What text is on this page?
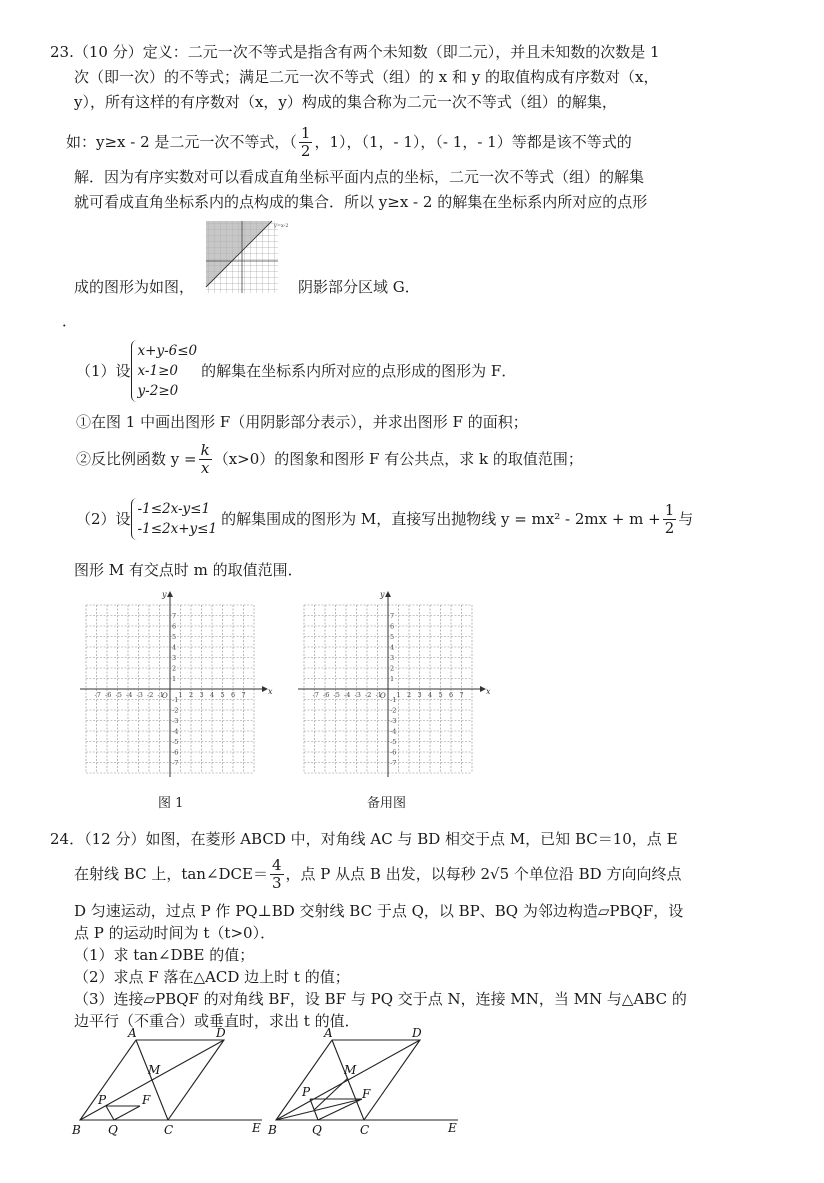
23.（10 分）定义：二元一次不等式是指含有两个未知数（即二元），并且未知数的次数是 1
次（即一次）的不等式；满足二元一次不等式（组）的 x 和 y 的取值构成有序数对（x，
y），所有这样的有序数对（x，y）构成的集合称为二元一次不等式（组）的解集，
如：y≥x - 2 是二元一次不等式，（ $\frac{1}{2}$ ，1），（1，- 1），（- 1，- 1）等都是该不等式的
解．因为有序实数对可以看成直角坐标平面内点的坐标，二元一次不等式（组）的解集
就可看成直角坐标系内的点构成的集合．所以 y≥x - 2 的解集在坐标系内所对应的点形
y=x-2
成的图形为如图，	阴影部分区域 G．
．
（1）设
x+y-6≤0
x-1≥0
y-2≥0
的解集在坐标系内所对应的点形成的图形为 F．
①在图 1 中画出图形 F（用阴影部分表示），并求出图形 F 的面积；
②反比例函数 $y = \frac{k}{x} (x>0)$的图象和图形 F 有公共点，求 k 的取值范围；
（2）设
-1≤2x-y≤1
-1≤2x+y≤1
的解集围成的图形为 M，直接写出抛物线 $y = mx^2 - 2mx + m + \frac{1}{2}$ 与
图形 M 有交点时 m 的取值范围．
-7
-7
-6
-6
-5
-5
-4
-4
-3
-3
-2
-2
-1
-1
1
1
2
2
3
3
4
4
5
5
6
6
7
7
x
y
O	-7
-7
-6
-6
-5
-5
-4
-4
-3
-3
-2
-2
-1
-1
1
1
2
2
3
3
4
4
5
5
6
6
7
7
x
y
O
图 1	备用图
24．（12 分）如图，在菱形 ABCD 中，对角线 AC 与 BD 相交于点 M，已知 BC＝10，点 E
在射线 BC 上，tan∠DCE＝ $\frac{4}{3}$ ，点 P 从点 B 出发，以每秒 2√5 个单位沿 BD 方向向终点
D 匀速运动，过点 P 作 PQ⊥BD 交射线 BC 于点 Q，以 BP、BQ 为邻边构造▱PBQF，设
点 P 的运动时间为 t（t>0）．
（1）求 tan∠DBE 的值；
（2）求点 F 落在△ACD 边上时 t 的值；
（3）连接▱PBQF 的对角线 BF，设 BF 与 PQ 交于点 N，连接 MN，当 MN 与△ABC 的
边平行（不重合）或垂直时，求出 t 的值．
A	D
M
P	F
B Q	C	E
A	D
M
P	F
B	Q	C	E
